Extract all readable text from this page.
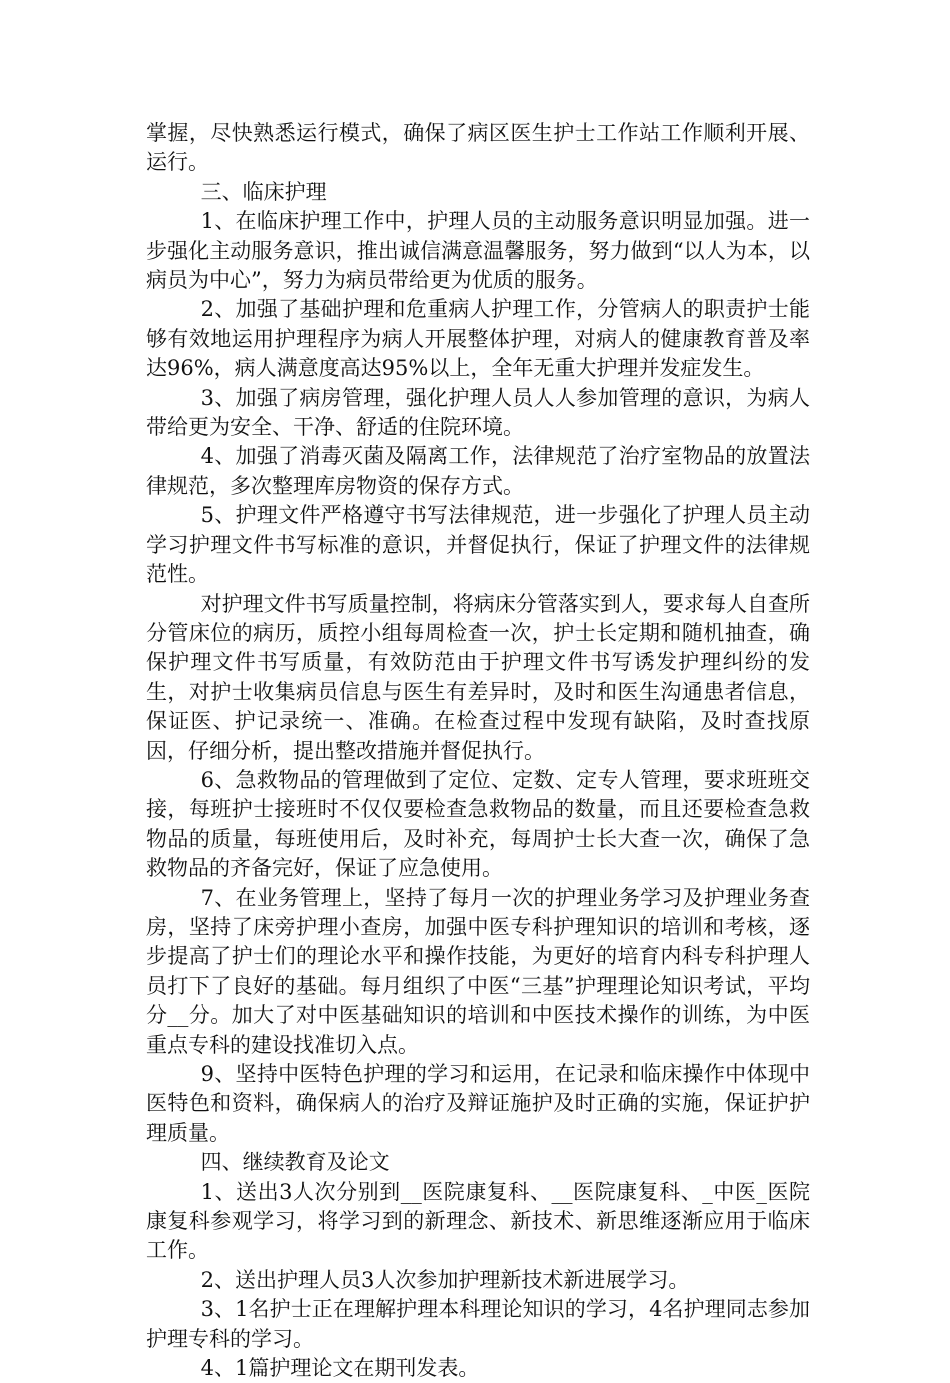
掌握，尽快熟悉运行模式，确保了病区医生护士工作站工作顺利开展、运行。

三、临床护理

1、在临床护理工作中，护理人员的主动服务意识明显加强。进一步强化主动服务意识，推出诚信满意温馨服务，努力做到“以人为本，以病员为中心”，努力为病员带给更为优质的服务。

2、加强了基础护理和危重病人护理工作，分管病人的职责护士能够有效地运用护理程序为病人开展整体护理，对病人的健康教育普及率达96%，病人满意度高达95%以上，全年无重大护理并发症发生。

3、加强了病房管理，强化护理人员人人参加管理的意识，为病人带给更为安全、干净、舒适的住院环境。

4、加强了消毒灭菌及隔离工作，法律规范了治疗室物品的放置法律规范，多次整理库房物资的保存方式。

5、护理文件严格遵守书写法律规范，进一步强化了护理人员主动学习护理文件书写标准的意识，并督促执行，保证了护理文件的法律规范性。

对护理文件书写质量控制，将病床分管落实到人，要求每人自查所分管床位的病历，质控小组每周检查一次，护士长定期和随机抽查，确保护理文件书写质量，有效防范由于护理文件书写诱发护理纠纷的发生，对护士收集病员信息与医生有差异时，及时和医生沟通患者信息，保证医、护记录统一、准确。在检查过程中发现有缺陷，及时查找原因，仔细分析，提出整改措施并督促执行。

6、急救物品的管理做到了定位、定数、定专人管理，要求班班交接，每班护士接班时不仅仅要检查急救物品的数量，而且还要检查急救物品的质量，每班使用后，及时补充，每周护士长大查一次，确保了急救物品的齐备完好，保证了应急使用。

7、在业务管理上，坚持了每月一次的护理业务学习及护理业务查房，坚持了床旁护理小查房，加强中医专科护理知识的培训和考核，逐步提高了护士们的理论水平和操作技能，为更好的培育内科专科护理人员打下了良好的基础。每月组织了中医“三基”护理理论知识考试，平均分__分。加大了对中医基础知识的培训和中医技术操作的训练，为中医重点专科的建设找准切入点。

9、坚持中医特色护理的学习和运用，在记录和临床操作中体现中医特色和资料，确保病人的治疗及辩证施护及时正确的实施，保证护护理质量。

四、继续教育及论文

1、送出3人次分别到__医院康复科、__医院康复科、_中医_医院康复科参观学习，将学习到的新理念、新技术、新思维逐渐应用于临床工作。

2、送出护理人员3人次参加护理新技术新进展学习。

3、1名护士正在理解护理本科理论知识的学习，4名护理同志参加护理专科的学习。

4、1篇护理论文在期刊发表。
